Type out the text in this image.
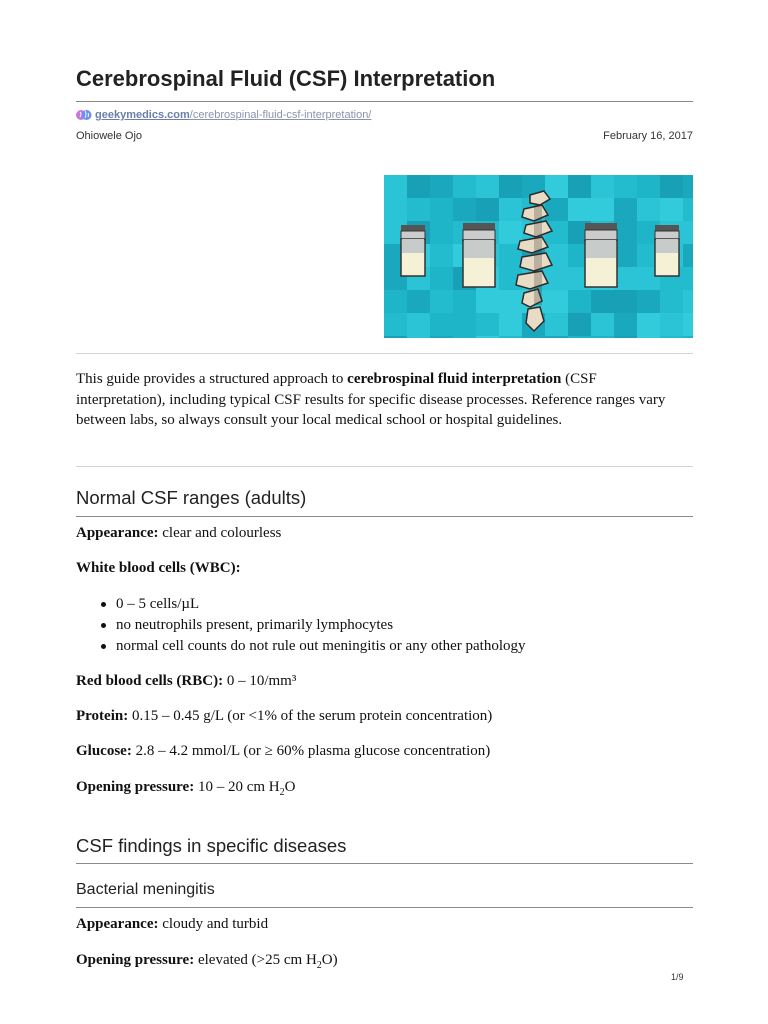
Cerebrospinal Fluid (CSF) Interpretation
geekymedics.com /cerebrospinal-fluid-csf-interpretation/
Ohiowele Ojo	February 16, 2017

This guide provides a structured approach to cerebrospinal fluid interpretation (CSF interpretation), including typical CSF results for specific disease processes. Reference ranges vary between labs, so always consult your local medical school or hospital guidelines.

Normal CSF ranges (adults)

Appearance: clear and colourless

White blood cells (WBC):

0 – 5 cells/µL
no neutrophils present, primarily lymphocytes
normal cell counts do not rule out meningitis or any other pathology

Red blood cells (RBC): 0 – 10/mm³

Protein: 0.15 – 0.45 g/L (or <1% of the serum protein concentration)

Glucose: 2.8 – 4.2 mmol/L (or ≥ 60% plasma glucose concentration)

Opening pressure: 10 – 20 cm $H_2O$

CSF findings in specific diseases
Bacterial meningitis

Appearance: cloudy and turbid

Opening pressure: elevated (>25 cm $H_2O$)

1/9
